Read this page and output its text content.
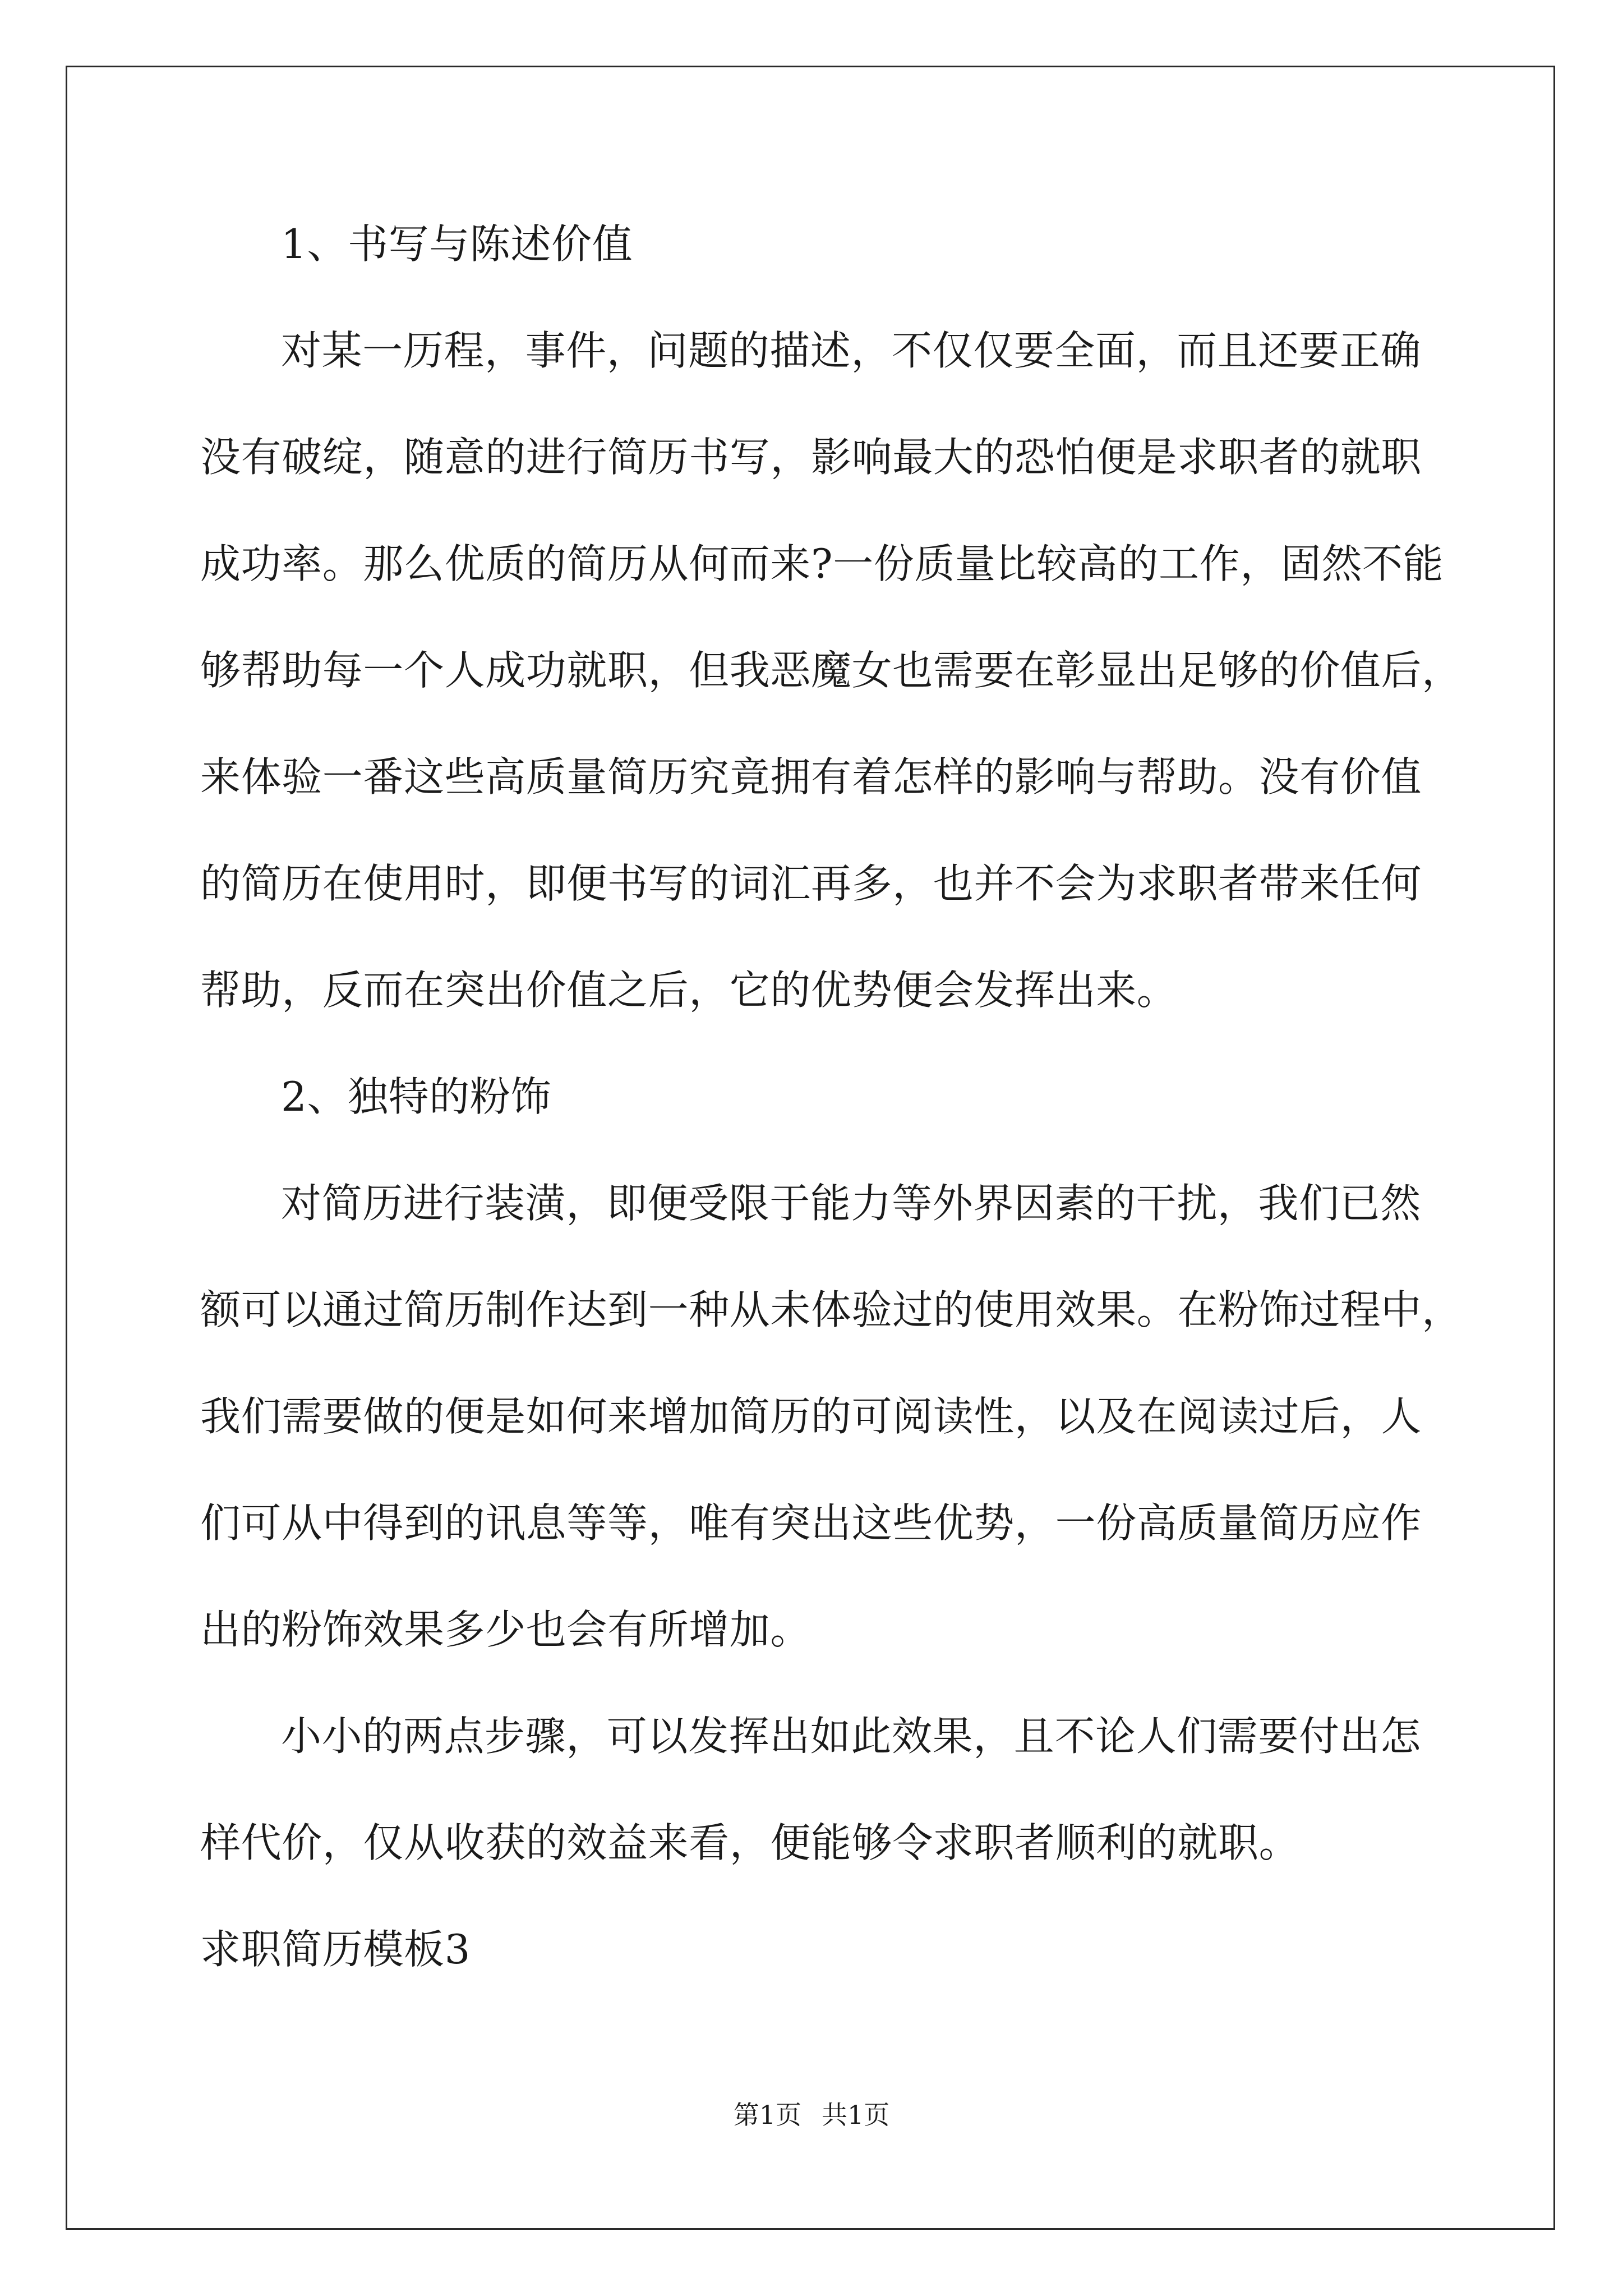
1、书写与陈述价值
对某一历程，事件，问题的描述，不仅仅要全面，而且还要正确
没有破绽，随意的进行简历书写，影响最大的恐怕便是求职者的就职
成功率。那么优质的简历从何而来?一份质量比较高的工作，固然不能
够帮助每一个人成功就职，但我恶魔女也需要在彰显出足够的价值后，
来体验一番这些高质量简历究竟拥有着怎样的影响与帮助。没有价值
的简历在使用时，即便书写的词汇再多，也并不会为求职者带来任何
帮助，反而在突出价值之后，它的优势便会发挥出来。
2、独特的粉饰
对简历进行装潢，即便受限于能力等外界因素的干扰，我们已然
额可以通过简历制作达到一种从未体验过的使用效果。在粉饰过程中，
我们需要做的便是如何来增加简历的可阅读性，以及在阅读过后，人
们可从中得到的讯息等等，唯有突出这些优势，一份高质量简历应作
出的粉饰效果多少也会有所增加。
小小的两点步骤，可以发挥出如此效果，且不论人们需要付出怎
样代价，仅从收获的效益来看，便能够令求职者顺利的就职。
求职简历模板3
第1页 共1页
